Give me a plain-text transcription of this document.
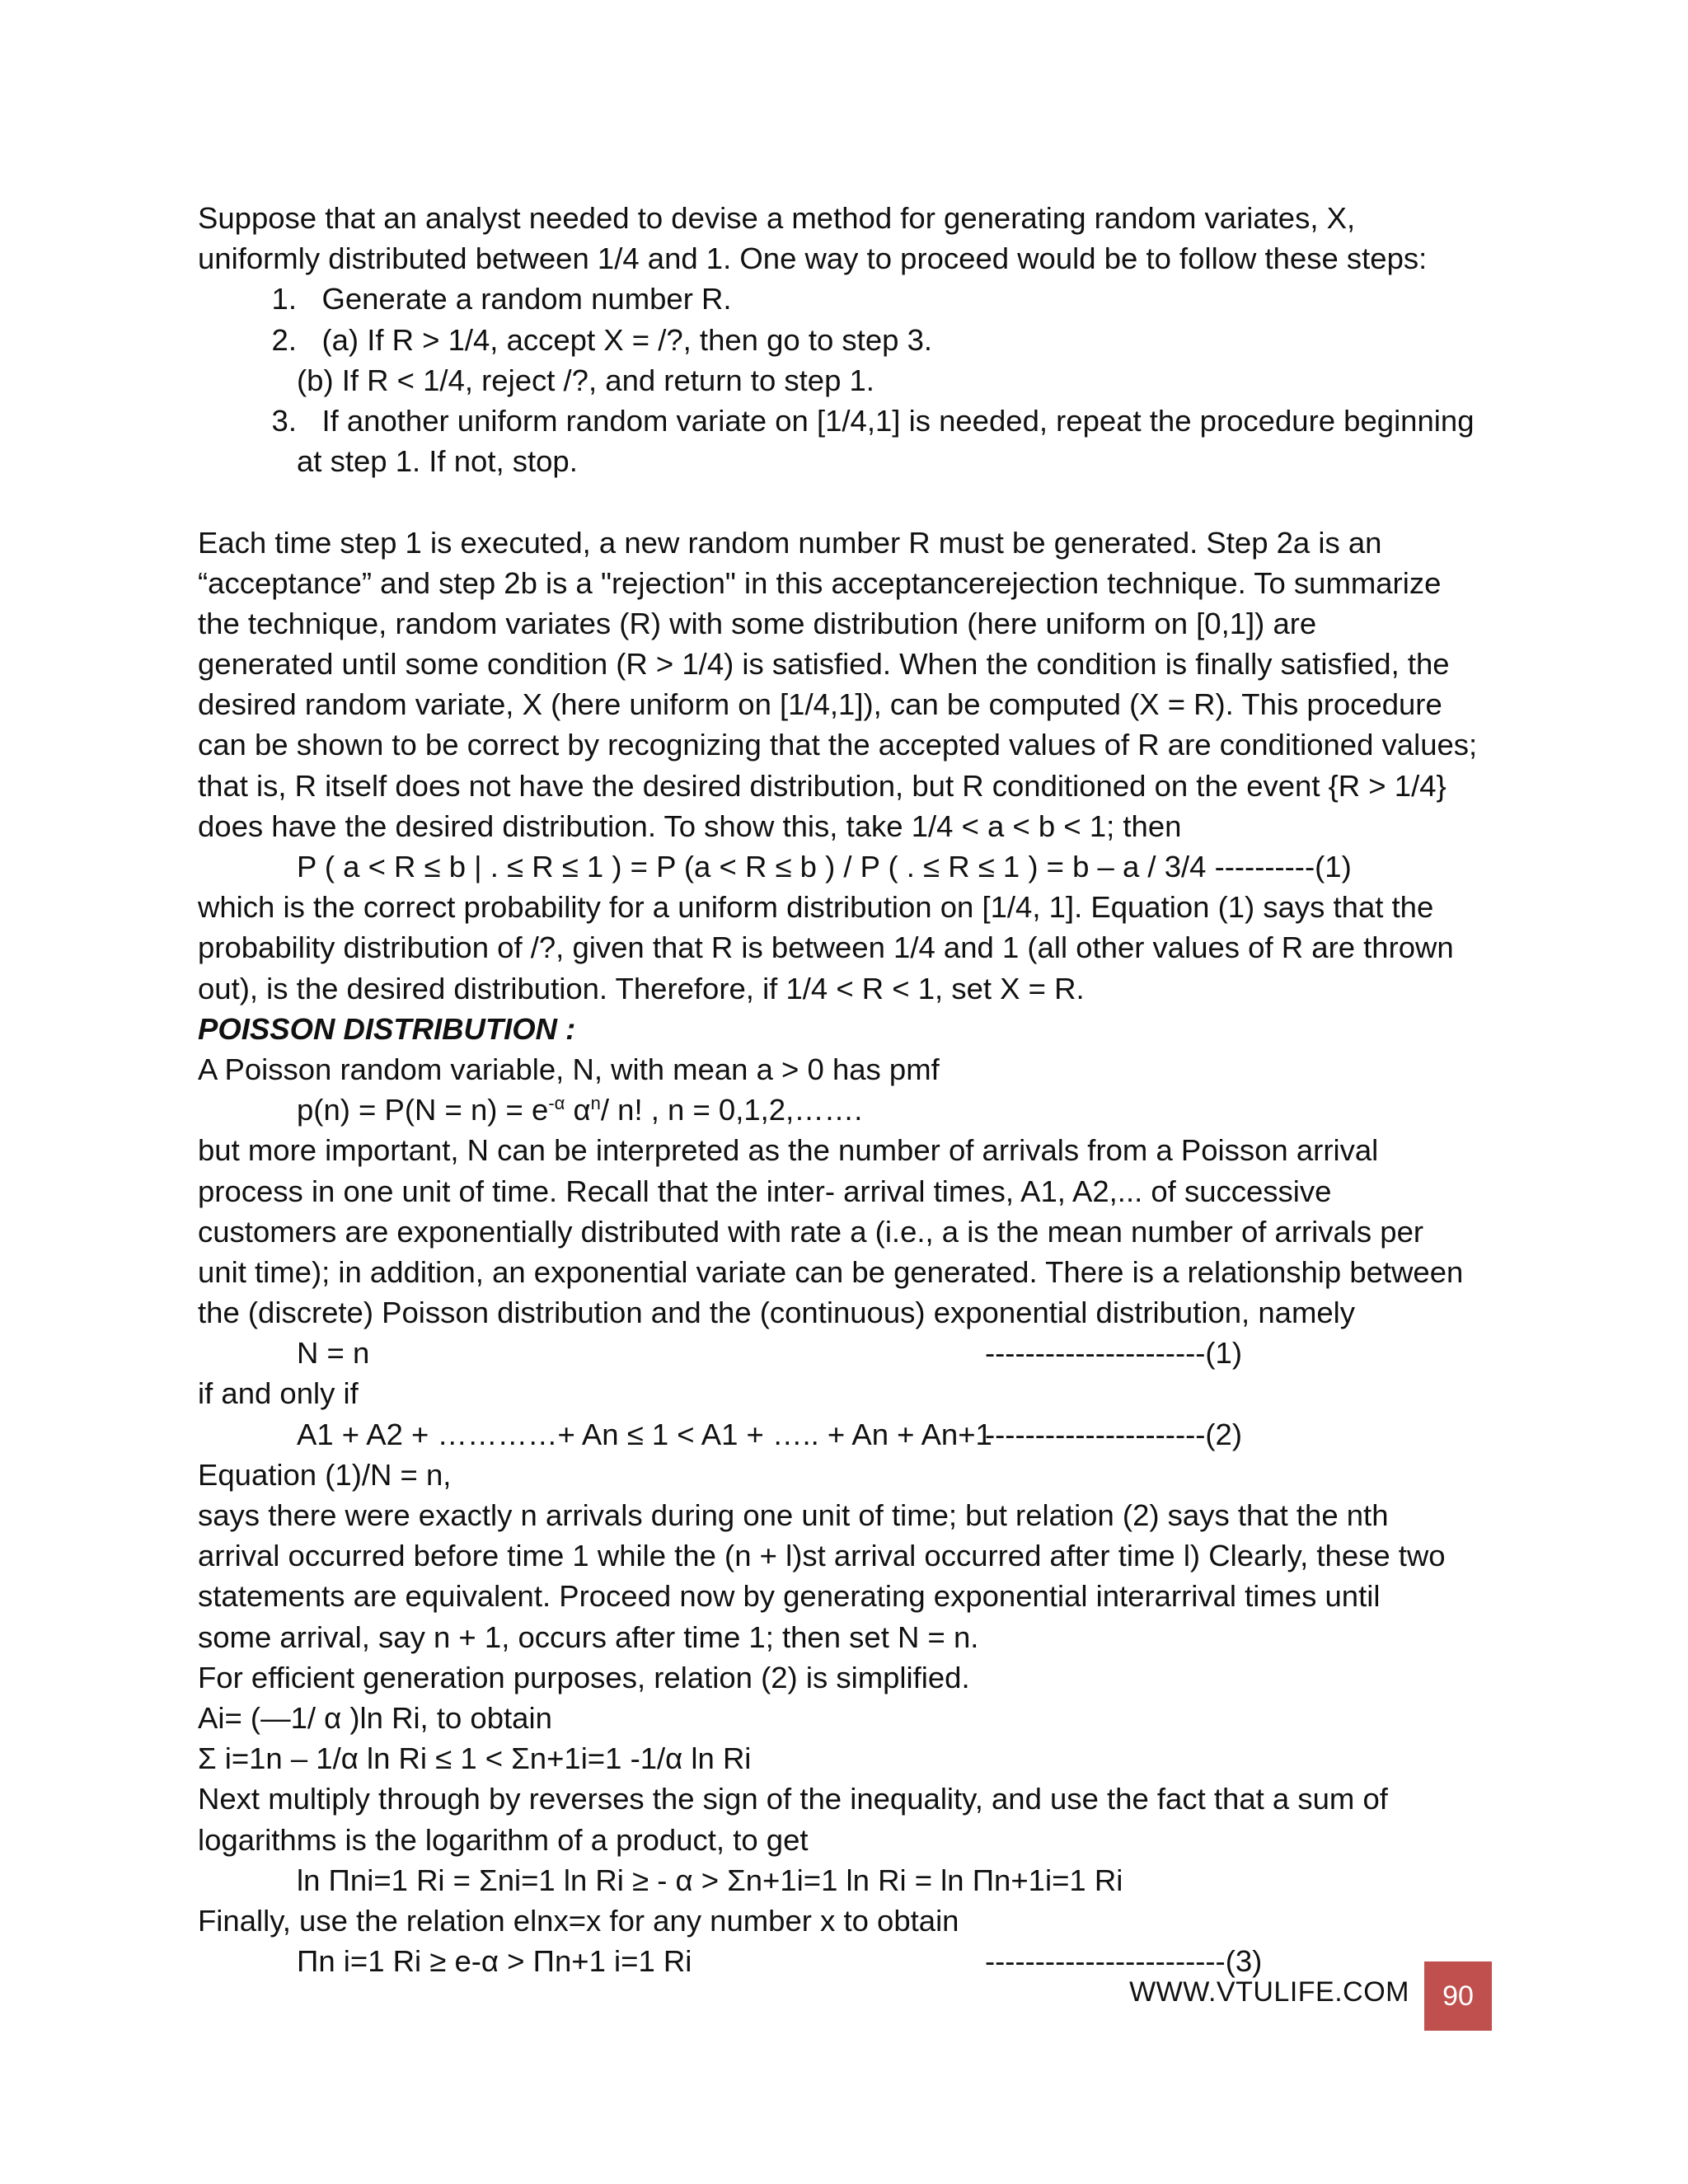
Suppose that an analyst needed to devise a method for generating random variates, X,
uniformly distributed between 1/4 and 1. One way to proceed would be to follow these steps:
1. Generate a random number R.
2. (a) If R > 1/4, accept X = /?, then go to step 3.
(b) If R < 1/4, reject /?, and return to step 1.
3. If another uniform random variate on [1/4,1] is needed, repeat the procedure beginning
at step 1. If not, stop.
Each time step 1 is executed, a new random number R must be generated. Step 2a is an
“acceptance” and step 2b is a "rejection" in this acceptancerejection technique. To summarize
the technique, random variates (R) with some distribution (here uniform on [0,1]) are
generated until some condition (R > 1/4) is satisfied. When the condition is finally satisfied, the
desired random variate, X (here uniform on [1/4,1]), can be computed (X = R). This procedure
can be shown to be correct by recognizing that the accepted values of R are conditioned values;
that is, R itself does not have the desired distribution, but R conditioned on the event {R > 1/4}
does have the desired distribution. To show this, take 1/4 < a < b < 1; then
P ( a < R ≤ b | . ≤ R ≤ 1 ) = P (a < R ≤ b ) / P ( . ≤ R ≤ 1 ) = b – a / 3/4 ----------(1)
which is the correct probability for a uniform distribution on [1/4, 1]. Equation (1) says that the
probability distribution of /?, given that R is between 1/4 and 1 (all other values of R are thrown
out), is the desired distribution. Therefore, if 1/4 < R < 1, set X = R.
POISSON DISTRIBUTION :
A Poisson random variable, N, with mean a > 0 has pmf
$p(n) = P(N = n) = e^{-\alpha}$ $\alpha^n/$ n! , n = 0,1,2,…….
but more important, N can be interpreted as the number of arrivals from a Poisson arrival
process in one unit of time. Recall that the inter- arrival times, A1, A2,... of successive
customers are exponentially distributed with rate a (i.e., a is the mean number of arrivals per
unit time); in addition, an exponential variate can be generated. There is a relationship between
the (discrete) Poisson distribution and the (continuous) exponential distribution, namely
N = n	----------------------(1)
if and only if
A1 + A2 + …………+ An ≤ 1 < A1 + ….. + An + An+1
----------------------(2)
Equation (1)/N = n,
says there were exactly n arrivals during one unit of time; but relation (2) says that the nth
arrival occurred before time 1 while the (n + l)st arrival occurred after time l) Clearly, these two
statements are equivalent. Proceed now by generating exponential interarrival times until
some arrival, say n + 1, occurs after time 1; then set N = n.
For efficient generation purposes, relation (2) is simplified.
Ai= (—1/ α )ln Ri, to obtain
Σ i=1n – 1/α ln Ri ≤ 1 < Σn+1i=1 -1/α ln Ri
Next multiply through by reverses the sign of the inequality, and use the fact that a sum of
logarithms is the logarithm of a product, to get
ln Πni=1 Ri = Σni=1 ln Ri ≥ - α > Σn+1i=1 ln Ri = ln Πn+1i=1 Ri
Finally, use the relation elnx=x for any number x to obtain
Πn i=1 Ri ≥ e-α > Πn+1 i=1 Ri	------------------------(3)
WWW.VTULIFE.COM	90
